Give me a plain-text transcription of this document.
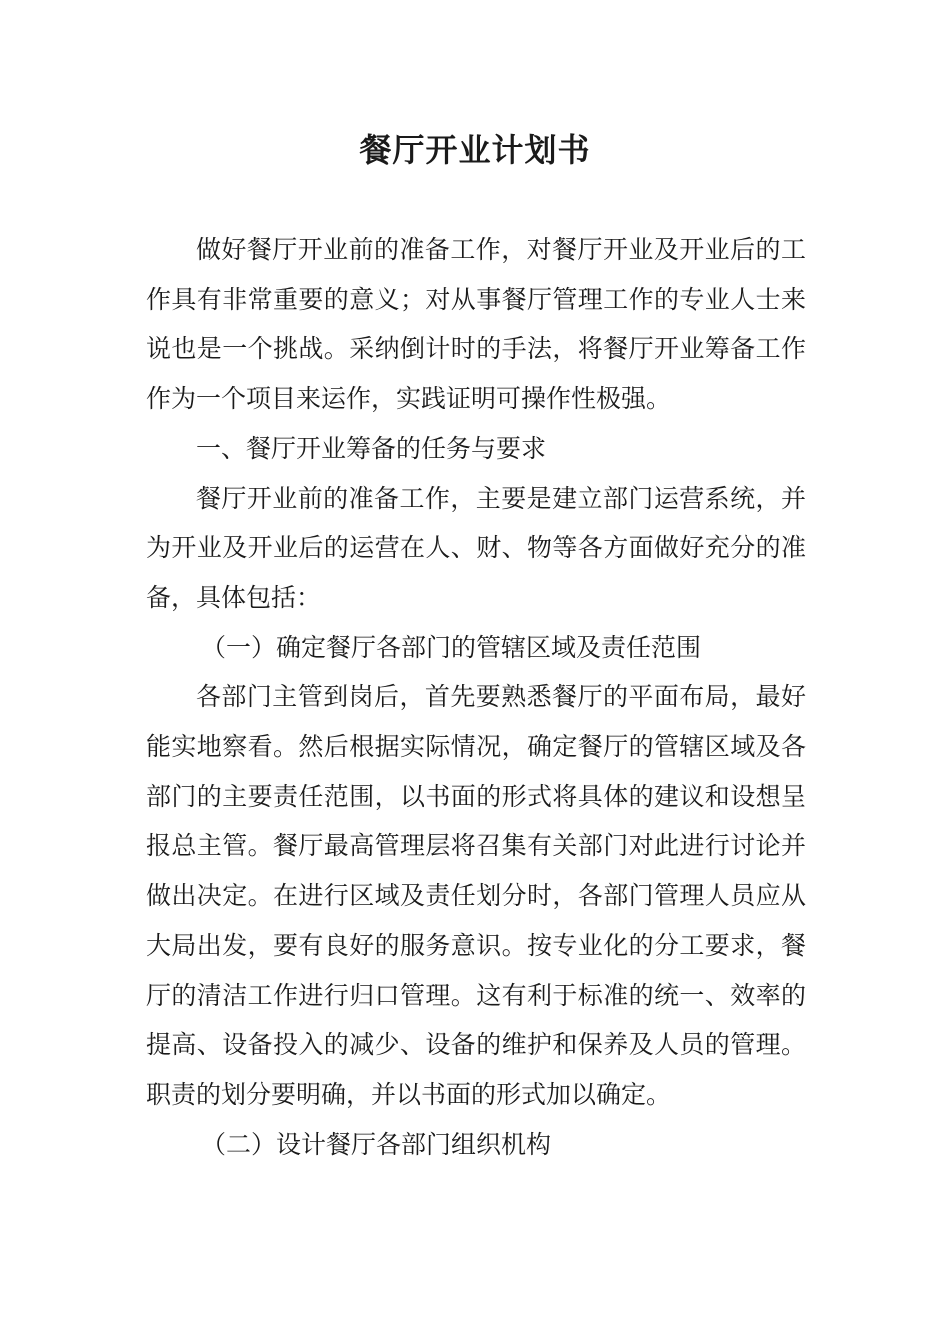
餐厅开业计划书

做好餐厅开业前的准备工作，对餐厅开业及开业后的工作具有非常重要的意义；对从事餐厅管理工作的专业人士来说也是一个挑战。采纳倒计时的手法，将餐厅开业筹备工作作为一个项目来运作，实践证明可操作性极强。

一、餐厅开业筹备的任务与要求

餐厅开业前的准备工作，主要是建立部门运营系统，并为开业及开业后的运营在人、财、物等各方面做好充分的准备，具体包括：

（一）确定餐厅各部门的管辖区域及责任范围

各部门主管到岗后，首先要熟悉餐厅的平面布局，最好能实地察看。然后根据实际情况，确定餐厅的管辖区域及各部门的主要责任范围，以书面的形式将具体的建议和设想呈报总主管。餐厅最高管理层将召集有关部门对此进行讨论并做出决定。在进行区域及责任划分时，各部门管理人员应从大局出发，要有良好的服务意识。按专业化的分工要求，餐厅的清洁工作进行归口管理。这有利于标准的统一、效率的提高、设备投入的减少、设备的维护和保养及人员的管理。职责的划分要明确，并以书面的形式加以确定。

（二）设计餐厅各部门组织机构
